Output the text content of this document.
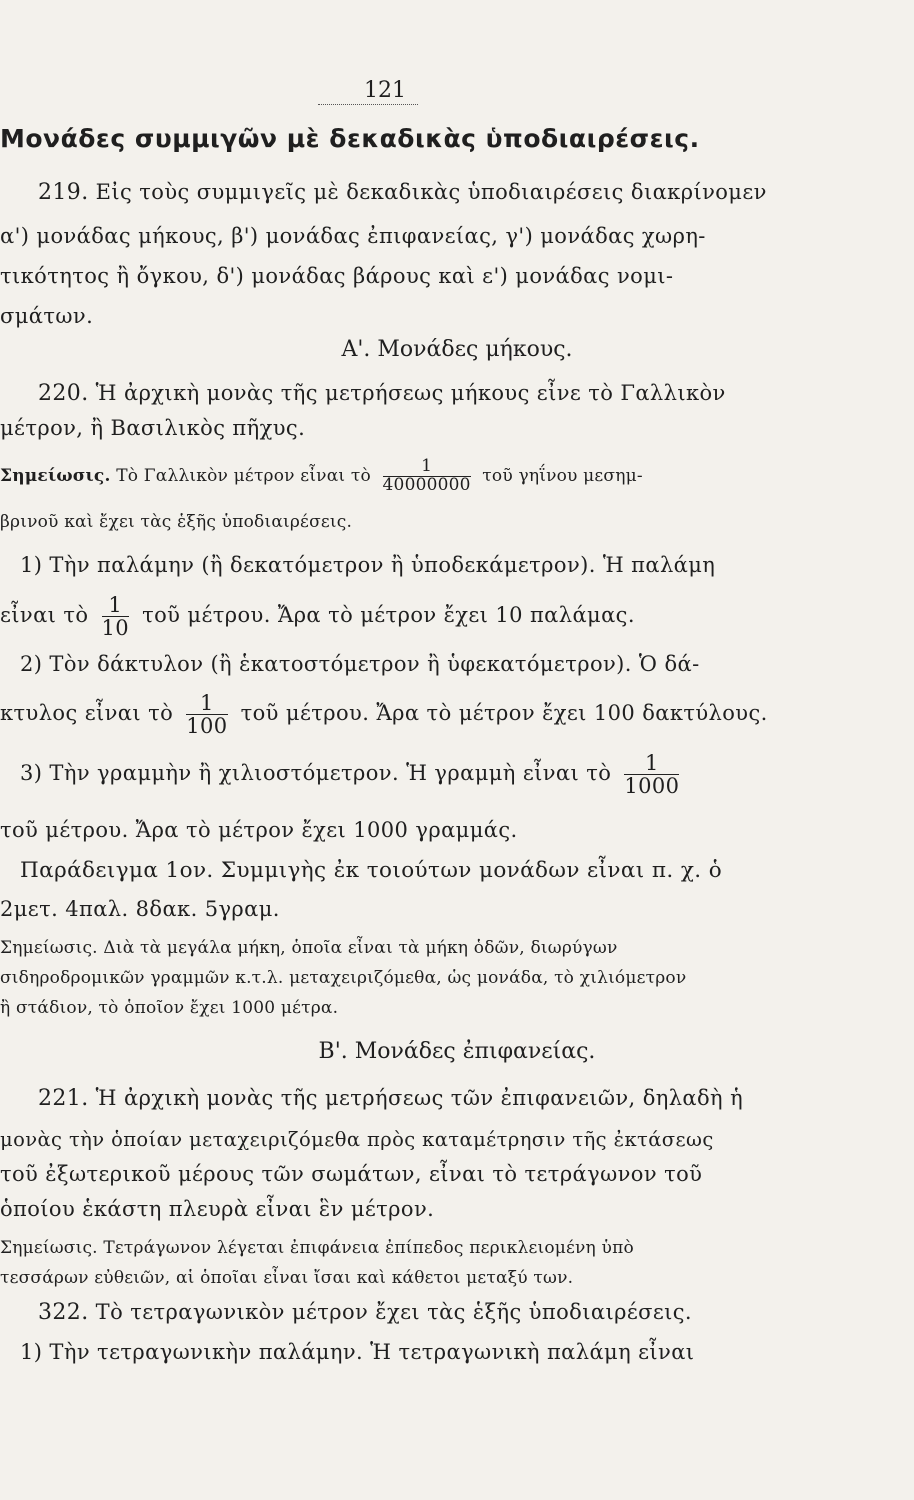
121
Μονάδες συμμιγῶν μὲ δεκαδικὰς ὑποδιαιρέσεις.
219. Εἰς τοὺς συμμιγεῖς μὲ δεκαδικὰς ὑποδιαιρέσεις διακρίνομεν
α') μονάδας μήκους, β') μονάδας ἐπιφανείας, γ') μονάδας χωρη-
τικότητος ἢ ὄγκου, δ') μονάδας βάρους καὶ ε') μονάδας νομι-
σμάτων.
Α'. Μονάδες μήκους.
220. Ἡ ἀρχικὴ μονὰς τῆς μετρήσεως μήκους εἶνε τὸ Γαλλικὸν
μέτρον, ἢ Βασιλικὸς πῆχυς.
Σημείωσις. Τὸ Γαλλικὸν μέτρον εἶναι τὸ $\frac{1}{40000000}$ τοῦ γηΐνου μεσημ-
βρινοῦ καὶ ἔχει τὰς ἑξῆς ὑποδιαιρέσεις.
1) Τὴν παλάμην (ἢ δεκατόμετρον ἢ ὑποδεκάμετρον). Ἡ παλάμη
εἶναι τὸ $\frac{1}{10}$ τοῦ μέτρου. Ἄρα τὸ μέτρον ἔχει 10 παλάμας.
2) Τὸν δάκτυλον (ἢ ἑκατοστόμετρον ἢ ὑφεκατόμετρον). Ὁ δά-
κτυλος εἶναι τὸ $\frac{1}{100}$ τοῦ μέτρου. Ἄρα τὸ μέτρον ἔχει 100 δακτύλους.
3) Τὴν γραμμὴν ἢ χιλιοστόμετρον. Ἡ γραμμὴ εἶναι τὸ $\frac{1}{1000}$
τοῦ μέτρου. Ἄρα τὸ μέτρον ἔχει 1000 γραμμάς.
Παράδειγμα 1ον. Συμμιγὴς ἐκ τοιούτων μονάδων εἶναι π. χ. ὁ
2μετ. 4παλ. 8δακ. 5γραμ.
Σημείωσις. Διὰ τὰ μεγάλα μήκη, ὁποῖα εἶναι τὰ μήκη ὁδῶν, διωρύγων
σιδηροδρομικῶν γραμμῶν κ.τ.λ. μεταχειριζόμεθα, ὡς μονάδα, τὸ χιλιόμετρον
ἢ στάδιον, τὸ ὁποῖον ἔχει 1000 μέτρα.
Β'. Μονάδες ἐπιφανείας.
221. Ἡ ἀρχικὴ μονὰς τῆς μετρήσεως τῶν ἐπιφανειῶν, δηλαδὴ ἡ
μονὰς τὴν ὁποίαν μεταχειριζόμεθα πρὸς καταμέτρησιν τῆς ἐκτάσεως
τοῦ ἐξωτερικοῦ μέρους τῶν σωμάτων, εἶναι τὸ τετράγωνον τοῦ
ὁποίου ἑκάστη πλευρὰ εἶναι ἓν μέτρον.
Σημείωσις. Τετράγωνον λέγεται ἐπιφάνεια ἐπίπεδος περικλειομένη ὑπὸ
τεσσάρων εὐθειῶν, αἱ ὁποῖαι εἶναι ἴσαι καὶ κάθετοι μεταξύ των.
322. Τὸ τετραγωνικὸν μέτρον ἔχει τὰς ἑξῆς ὑποδιαιρέσεις.
1) Τὴν τετραγωνικὴν παλάμην. Ἡ τετραγωνικὴ παλάμη εἶναι
